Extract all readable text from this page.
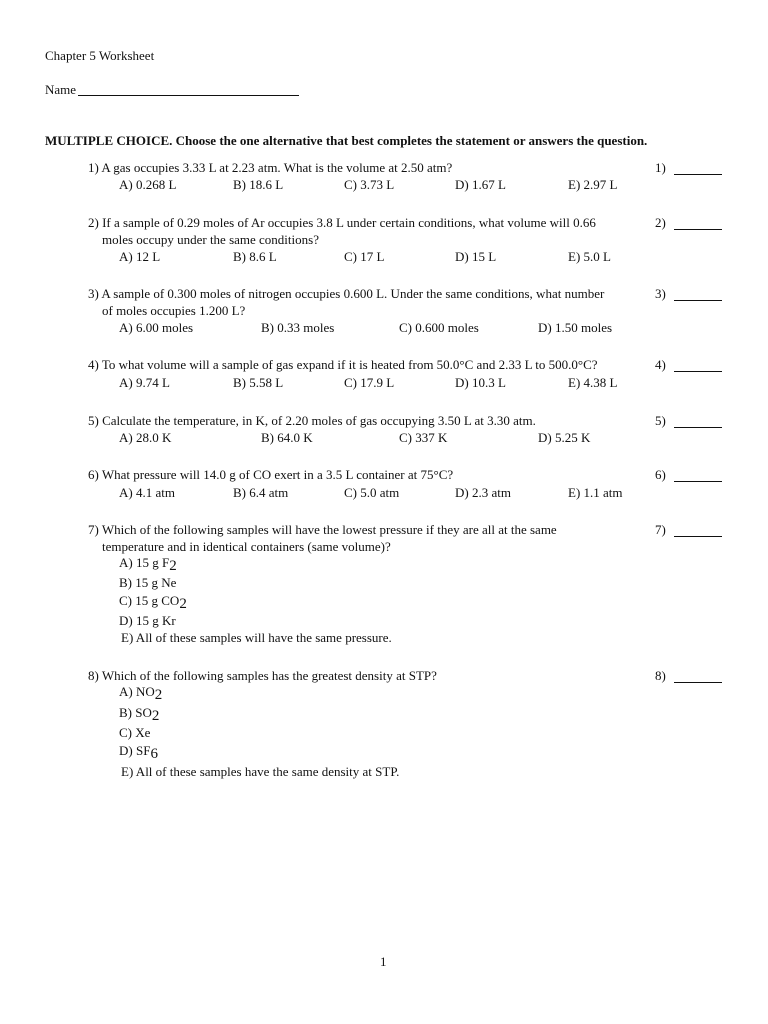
Chapter 5 Worksheet
Name
MULTIPLE CHOICE. Choose the one alternative that best completes the statement or answers the question.
1) A gas occupies 3.33 L at 2.23 atm. What is the volume at 2.50 atm?	1)
A) 0.268 L	B) 18.6 L	C) 3.73 L	D) 1.67 L	E) 2.97 L
2) If a sample of 0.29 moles of Ar occupies 3.8 L under certain conditions, what volume will 0.66
moles occupy under the same conditions?
2)
A) 12 L	B) 8.6 L	C) 17 L	D) 15 L	E) 5.0 L
3) A sample of 0.300 moles of nitrogen occupies 0.600 L. Under the same conditions, what number
of moles occupies 1.200 L?
3)
A) 6.00 moles	B) 0.33 moles	C) 0.600 moles	D) 1.50 moles
4) To what volume will a sample of gas expand if it is heated from 50.0°C and 2.33 L to 500.0°C?	4)
A) 9.74 L	B) 5.58 L	C) 17.9 L	D) 10.3 L	E) 4.38 L
5) Calculate the temperature, in K, of 2.20 moles of gas occupying 3.50 L at 3.30 atm.	5)
A) 28.0 K	B) 64.0 K	C) 337 K	D) 5.25 K
6) What pressure will 14.0 g of CO exert in a 3.5 L container at 75°C?	6)
A) 4.1 atm	B) 6.4 atm	C) 5.0 atm	D) 2.3 atm	E) 1.1 atm
7) Which of the following samples will have the lowest pressure if they are all at the same
temperature and in identical containers (same volume)?
7)
A) 15 g $F_2$
B) 15 g Ne
C) 15 g $CO_2$
D) 15 g Kr
E) All of these samples will have the same pressure.
8) Which of the following samples has the greatest density at STP?	8)
A) $NO_2$
B) $SO_2$
C) Xe
D) $SF_6$
E) All of these samples have the same density at STP.
1
